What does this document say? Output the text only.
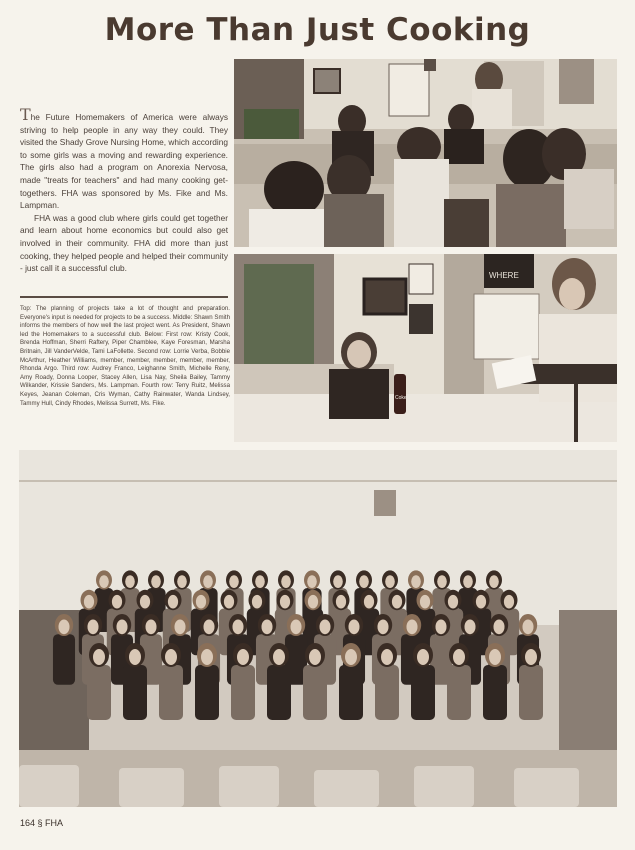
More Than Just Cooking
WHERE
Coke

The Future Homemakers of America were always striving to help people in any way they could. They visited the Shady Grove Nursing Home, which according to some girls was a moving and rewarding experience. The girls also had a program on Anorexia Nervosa, made "treats for teachers" and had many cooking get-togethers. FHA was sponsored by Ms. Fike and Ms. Lampman.

FHA was a good club where girls could get together and learn about home economics but could also get involved in their community. FHA did more than just cooking, they helped people and helped their community - just call it a successful club.

Top: The planning of projects take a lot of thought and preparation. Everyone's input is needed for projects to be a success. Middle: Shawn Smith informs the members of how well the last project went. As President, Shawn led the Homemakers to a successful club. Below: First row: Kristy Cook, Brenda Hoffman, Sherri Raftery, Piper Chamblee, Kaye Foresman, Marsha Britnain, Jill VanderVelde, Tami LaFollette. Second row: Lorrie Verba, Bobbie McArthur, Heather Williams, member, member, member, member, member, Rhonda Argo. Third row: Audrey Franco, Leighanne Smith, Michelle Reny, Amy Roady, Donna Looper, Stacey Allen, Lisa Nay, Sheila Bailey, Tammy Wilkander, Krissie Sanders, Ms. Lampman. Fourth row: Terry Ruitz, Melissa Keyes, Jeanan Coleman, Cris Wyman, Cathy Rainwater, Wanda Lindsey, Tammy Hull, Cindy Rhodes, Melissa Surrett, Ms. Fike.
164 § FHA
